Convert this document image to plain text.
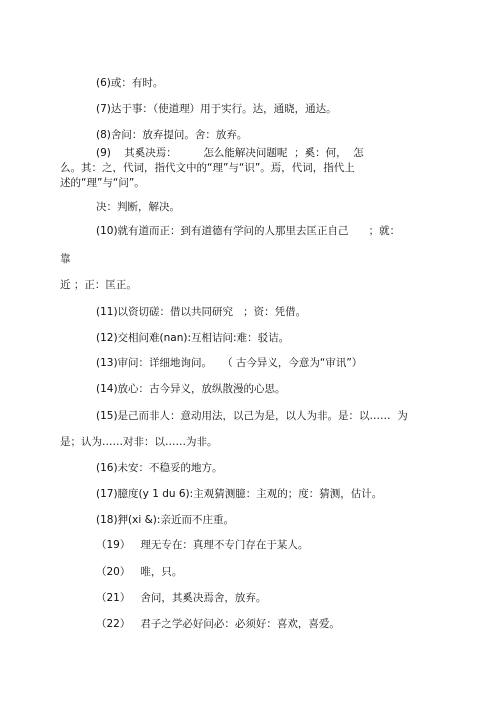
(6)或：有时。
(7)达于事：（使道理）用于实行。达，通晓，通达。
(8)舍问：放弃提问。舍：放弃。
(9)    其奚决焉：        怎么能解决问题呢  ；奚：何，  怎
么。其：之，代词，指代文中的“理”与“识”。焉，代词，指代上
述的“理”与“问”。
决：判断，解决。
(10)就有道而正：到有道德有学问的人那里去匡正自己      ；就：
靠
近 ；正：匡正。
(11)以资切磋：借以共同研究   ；资：凭借。
(12)交相问难(nan):互相诘问:难：驳诘。
(13)审问：详细地询问。   （ 古今异义，今意为“审讯”）
(14)放心：古今异义，放纵散漫的心思。
(15)是己而非人：意动用法，以己为是，以人为非。是：以……  为
是；认为……对非：以……为非。
(16)未安：不稳妥的地方。
(17)臆度(y 1 du 6):主观猜测臆：主观的；度：猜测，估计。
(18)狎(xi &):亲近而不庄重。
（19）   理无专在：真理不专门存在于某人。
（20）   唯，只。
（21）   舍问，其奚决焉舍，放弃。
（22）   君子之学必好问必：必须好：喜欢，喜爱。
